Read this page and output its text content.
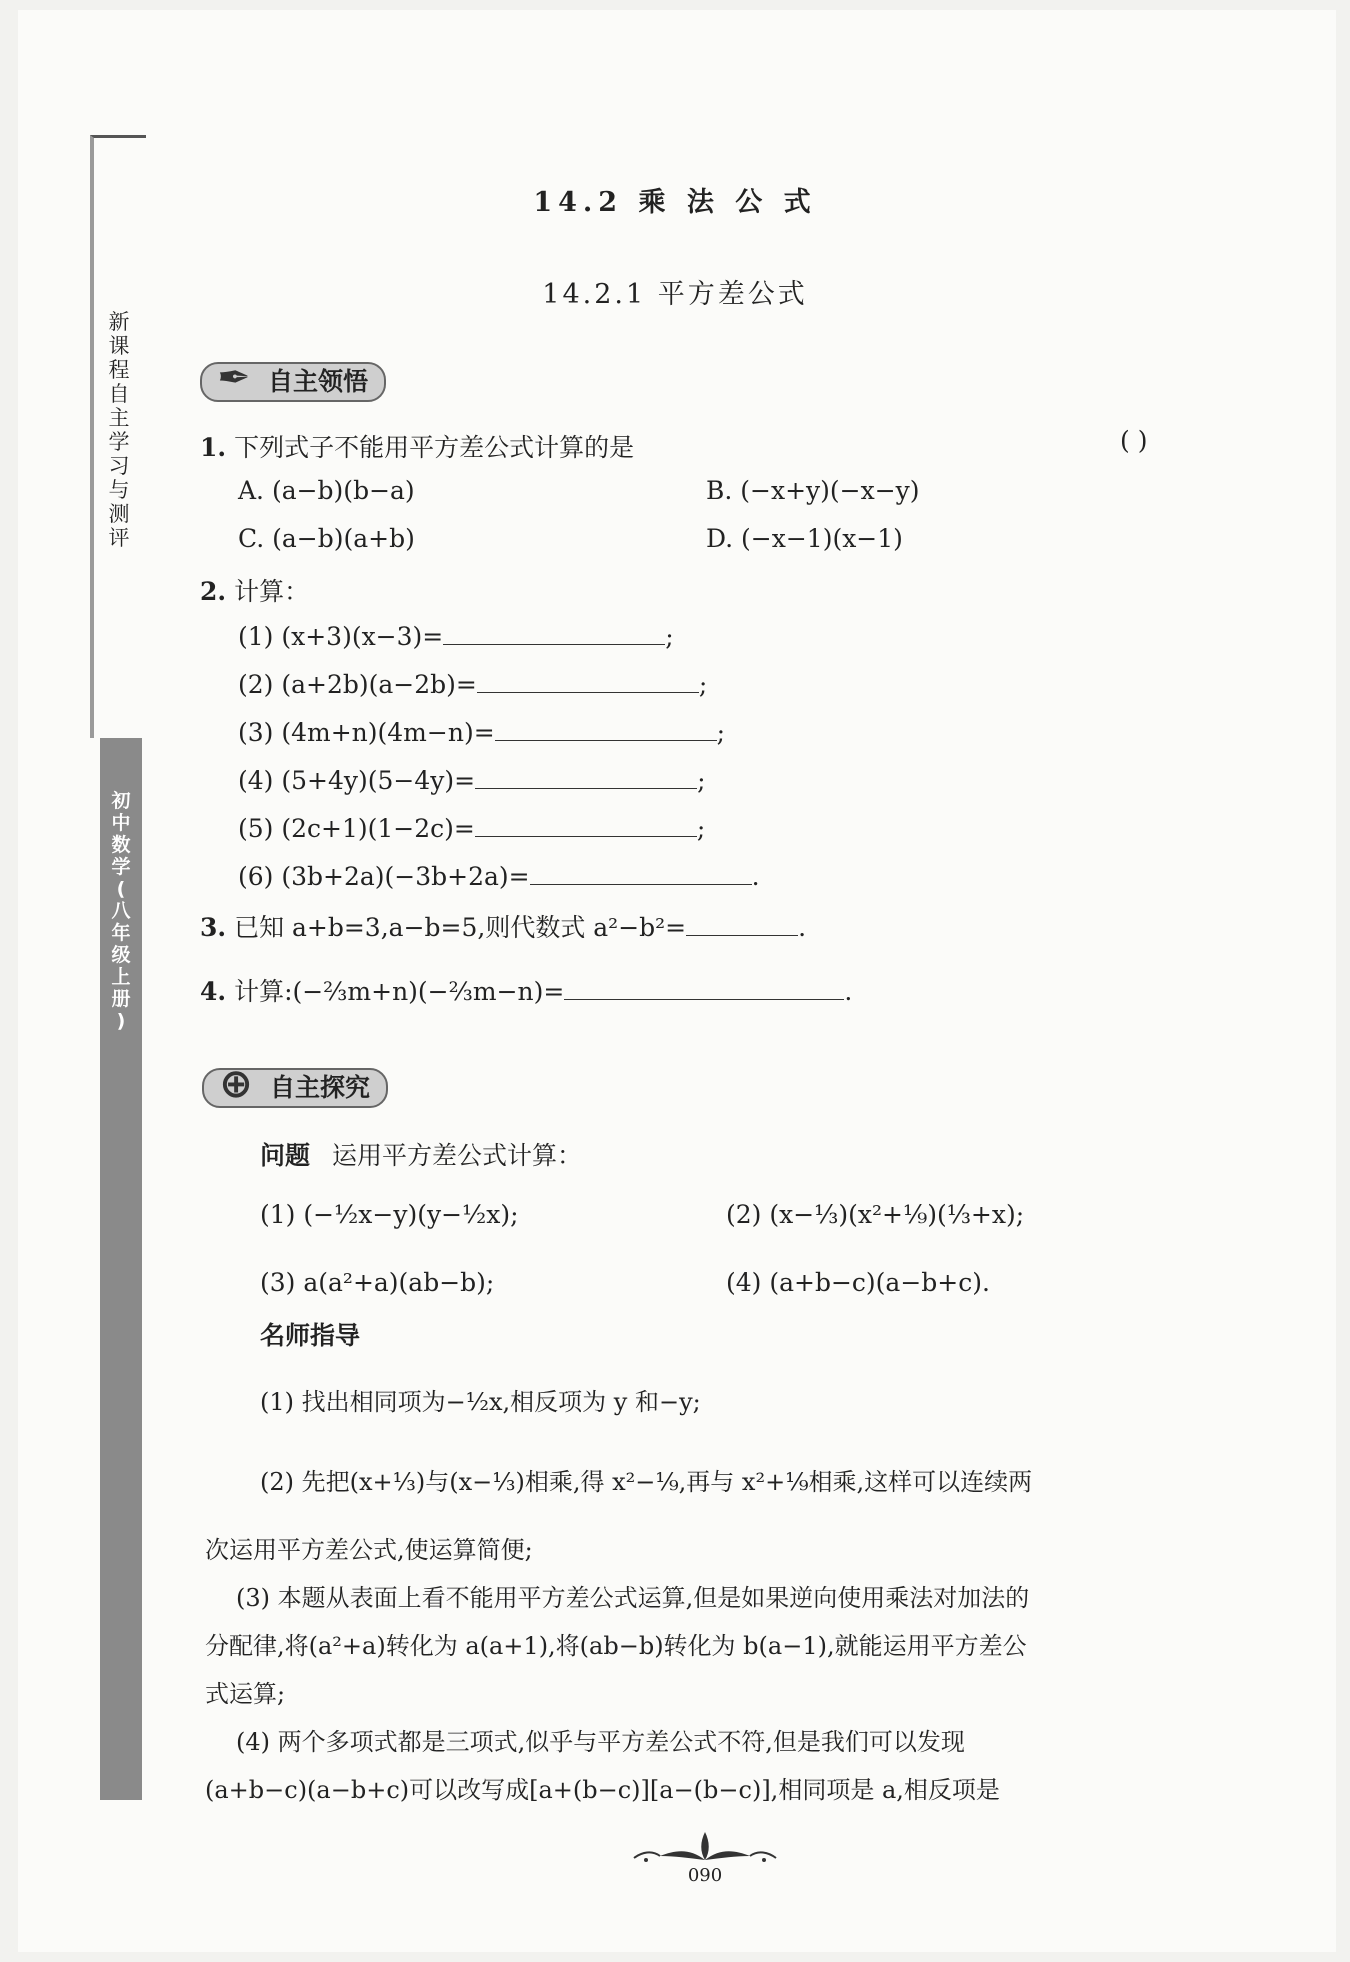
新
课
程
自
主
学
习
与
测
评
初
中
数
学
(
八
年
级
上
册
)
14.2 乘 法 公 式
14.2.1 平方差公式
✒ 自主领悟
1. 下列式子不能用平方差公式计算的是	( )
A. (a−b)(b−a)	B. (−x+y)(−x−y)
C. (a−b)(a+b)	D. (−x−1)(x−1)
2. 计算：
(1) (x+3)(x−3)=	;
(2) (a+2b)(a−2b)=	;
(3) (4m+n)(4m−n)=	;
(4) (5+4y)(5−4y)=	;
(5) (2c+1)(1−2c)=	;
(6) (3b+2a)(−3b+2a)=	.
3. 已知 a+b=3,a−b=5,则代数式 a²−b²=	.
4. 计算:(−⅔m+n)(−⅔m−n)=	.
⊕ 自主探究
问题 运用平方差公式计算：
(1) (−½x−y)(y−½x);	(2) (x−⅓)(x²+⅑)(⅓+x);
(3) a(a²+a)(ab−b);	(4) (a+b−c)(a−b+c).
名师指导
(1) 找出相同项为−½x,相反项为 y 和−y;
(2) 先把(x+⅓)与(x−⅓)相乘,得 x²−⅑,再与 x²+⅑相乘,这样可以连续两
次运用平方差公式,使运算简便;
(3) 本题从表面上看不能用平方差公式运算,但是如果逆向使用乘法对加法的
分配律,将(a²+a)转化为 a(a+1),将(ab−b)转化为 b(a−1),就能运用平方差公
式运算;
(4) 两个多项式都是三项式,似乎与平方差公式不符,但是我们可以发现
(a+b−c)(a−b+c)可以改写成[a+(b−c)][a−(b−c)],相同项是 a,相反项是
090
